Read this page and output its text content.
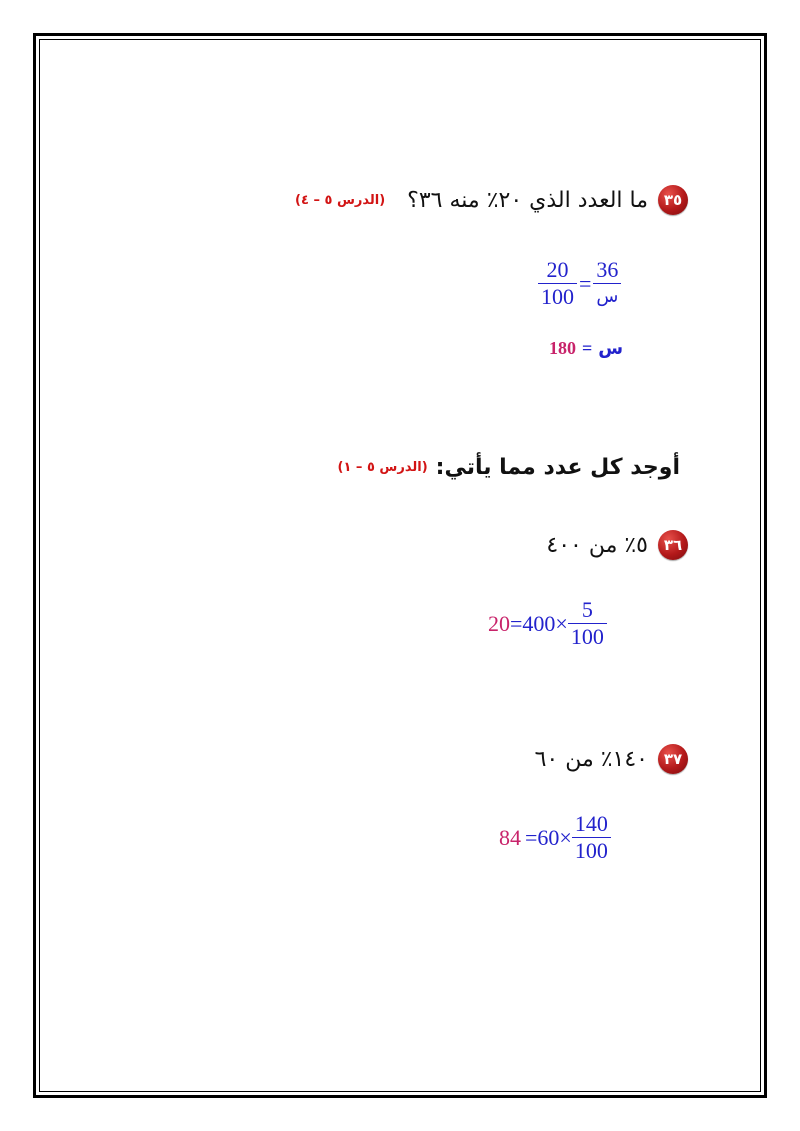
٣٥
ما العدد الذي ٢٠٪ منه ٣٦؟
(الدرس ٥ – ٤)
$\frac{20}{100} = \frac{36}{\text{س}}$
180 = س
أوجد كل عدد مما يأتي:
(الدرس ٥ – ١)
٣٦
٥٪ من ٤٠٠
$20 = 400 \times \frac{5}{100}$
٣٧
١٤٠٪ من ٦٠
$84 = 60 \times \frac{140}{100}$
